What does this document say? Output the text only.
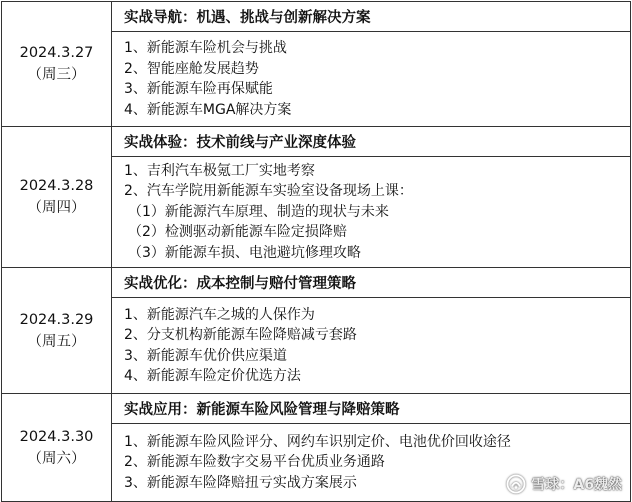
2024.3.27
（周三）	实战导航：机遇、挑战与创新解决方案

	1、新能源车险机会与挑战
2、智能座舱发展趋势
3、新能源车险再保赋能
4、新能源车MGA解决方案

2024.3.28
（周四）	实战体验：技术前线与产业深度体验

	1、吉利汽车极氪工厂实地考察
2、汽车学院用新能源车实验室设备现场上课：
（1）新能源汽车原理、制造的现状与未来
（2）检测驱动新能源车险定损降赔
（3）新能源车损、电池避坑修理攻略

2024.3.29
（周五）	实战优化：成本控制与赔付管理策略

	1、新能源汽车之城的人保作为
2、分支机构新能源车险降赔减亏套路
3、新能源车优价供应渠道
4、新能源车险定价优选方法

2024.3.30
（周六）	实战应用：新能源车险风险管理与降赔策略

	1、新能源车险风险评分、网约车识别定价、电池优价回收途径
2、新能源车险数字交易平台优质业务通路
3、新能源车险降赔扭亏实战方案展示	雪球：A6魏然
